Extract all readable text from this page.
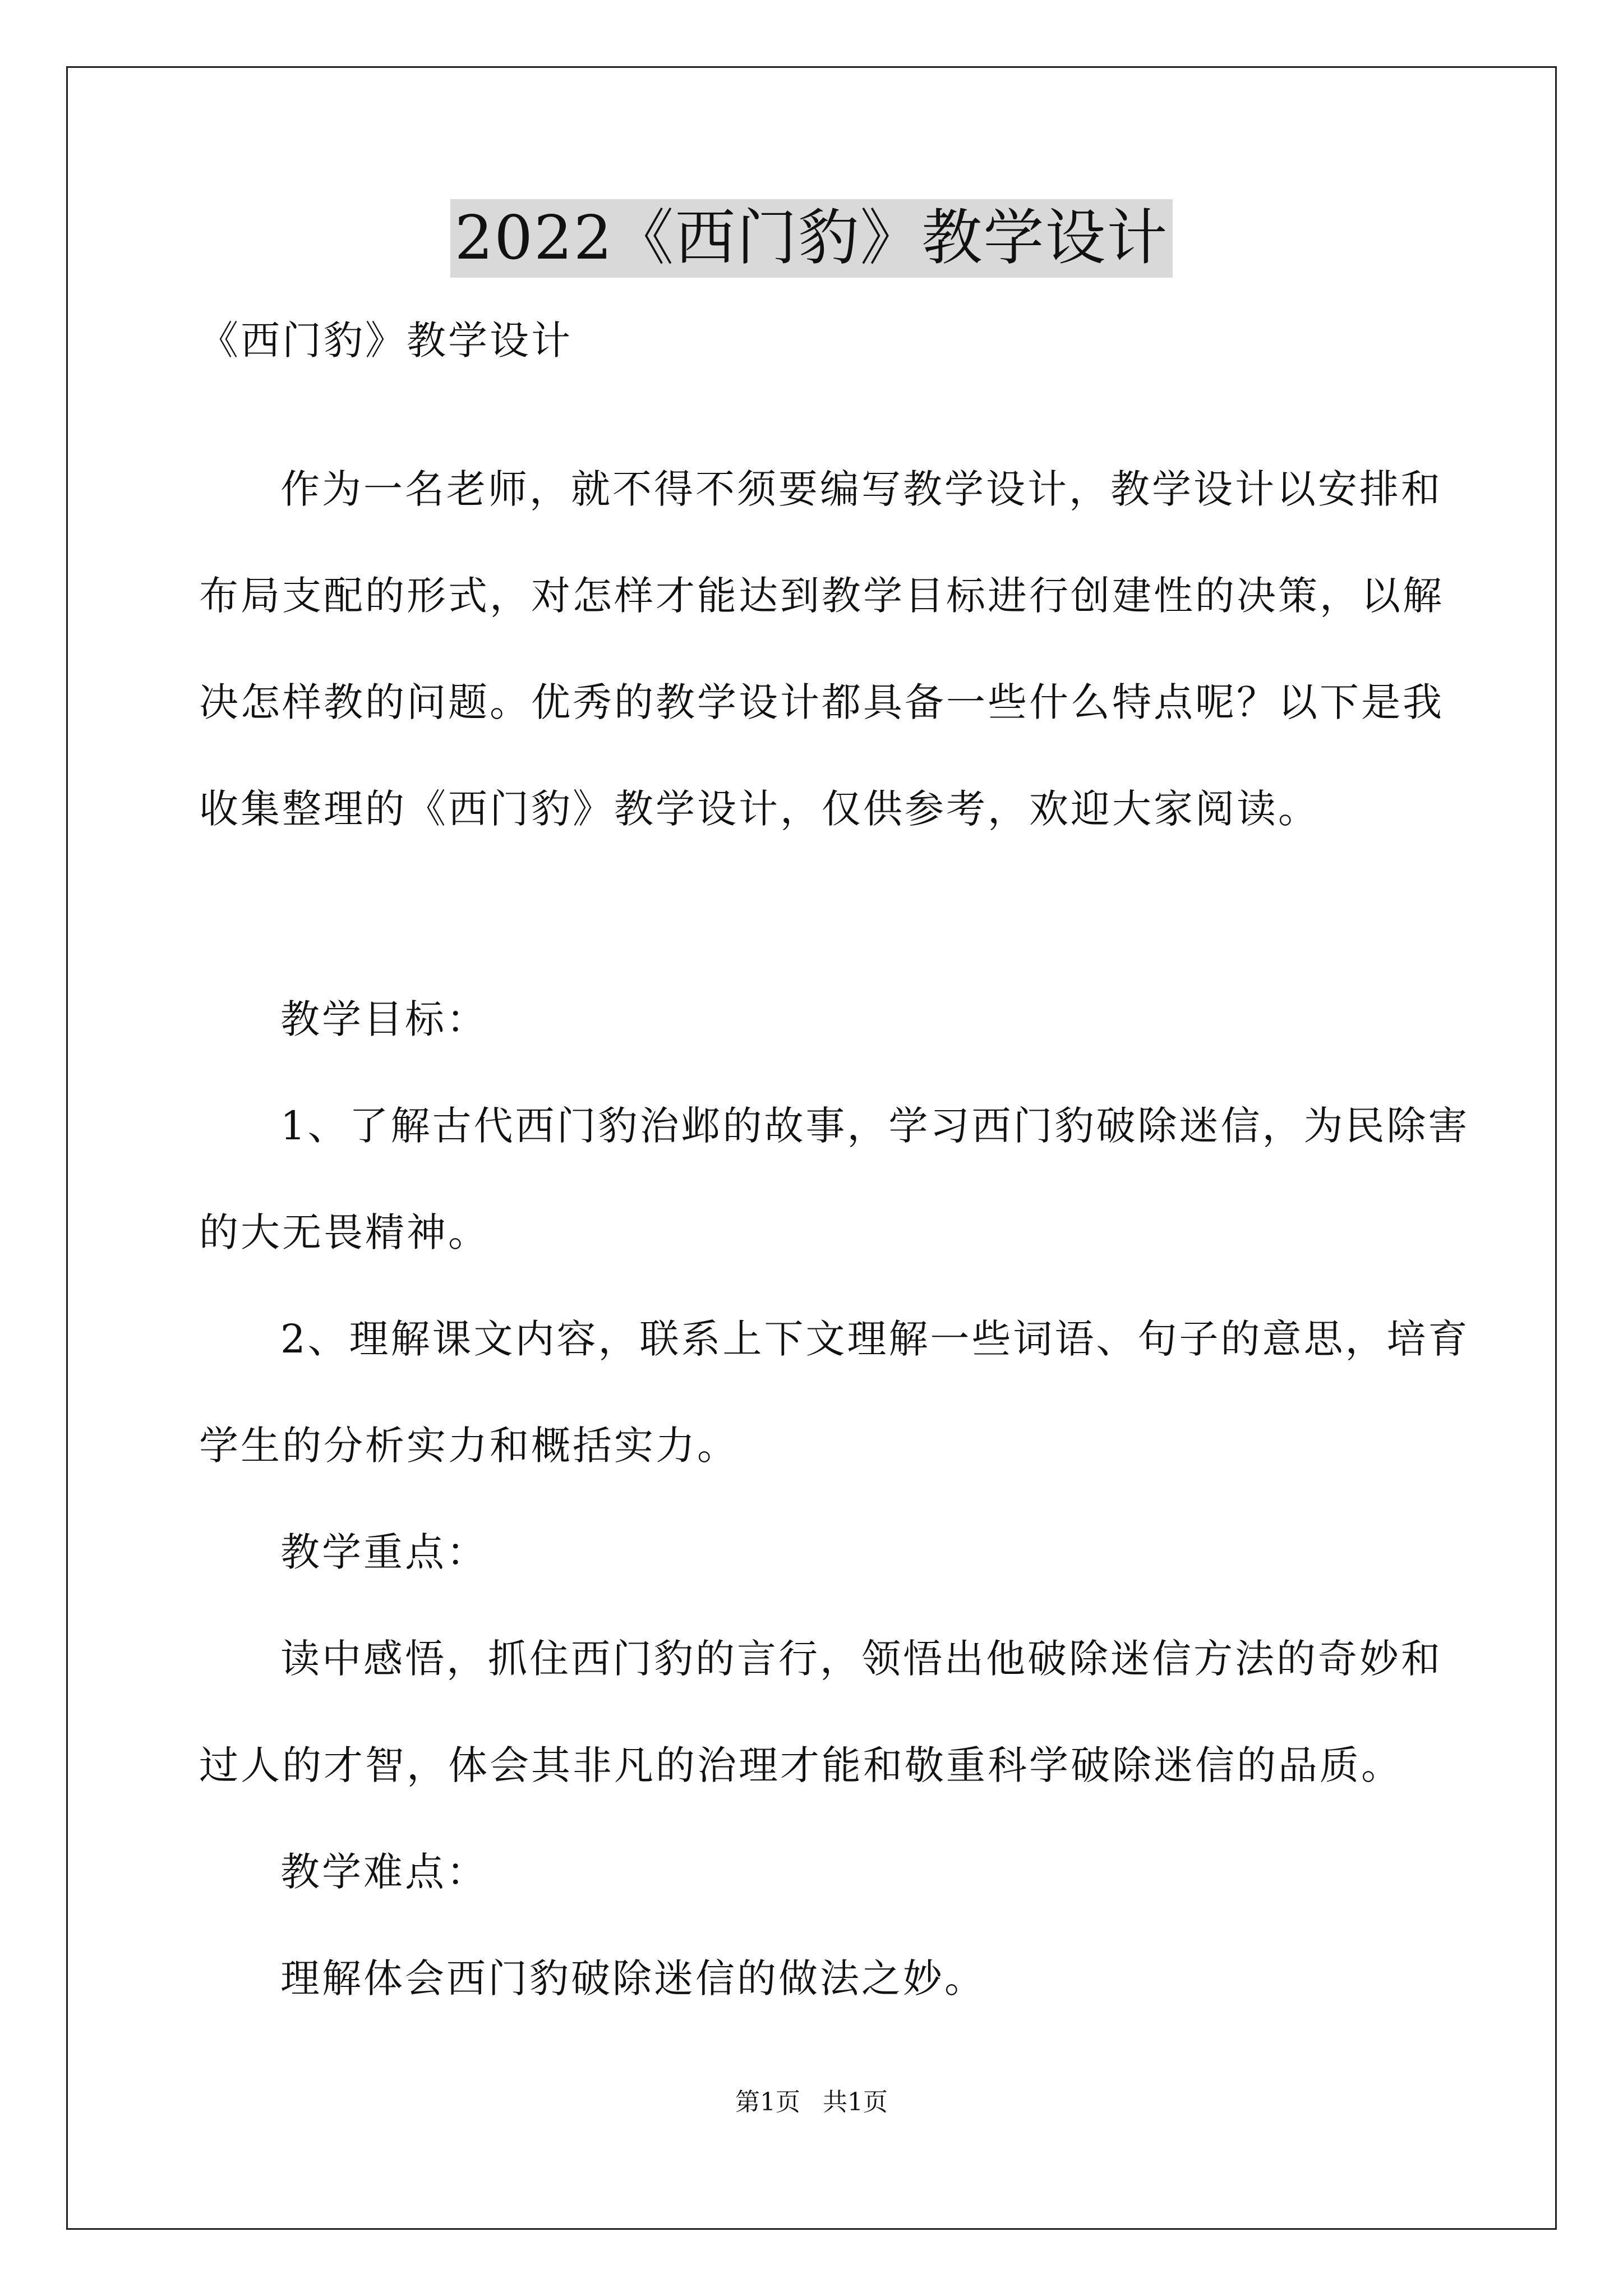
2022《西门豹》教学设计
《西门豹》教学设计
作为一名老师，就不得不须要编写教学设计，教学设计以安排和
布局支配的形式，对怎样才能达到教学目标进行创建性的决策，以解
决怎样教的问题。优秀的教学设计都具备一些什么特点呢？以下是我
收集整理的《西门豹》教学设计，仅供参考，欢迎大家阅读。
教学目标：
1、了解古代西门豹治邺的故事，学习西门豹破除迷信，为民除害
的大无畏精神。
2、理解课文内容，联系上下文理解一些词语、句子的意思，培育
学生的分析实力和概括实力。
教学重点：
读中感悟，抓住西门豹的言行，领悟出他破除迷信方法的奇妙和
过人的才智，体会其非凡的治理才能和敬重科学破除迷信的品质。
教学难点：
理解体会西门豹破除迷信的做法之妙。
第1页 共1页
